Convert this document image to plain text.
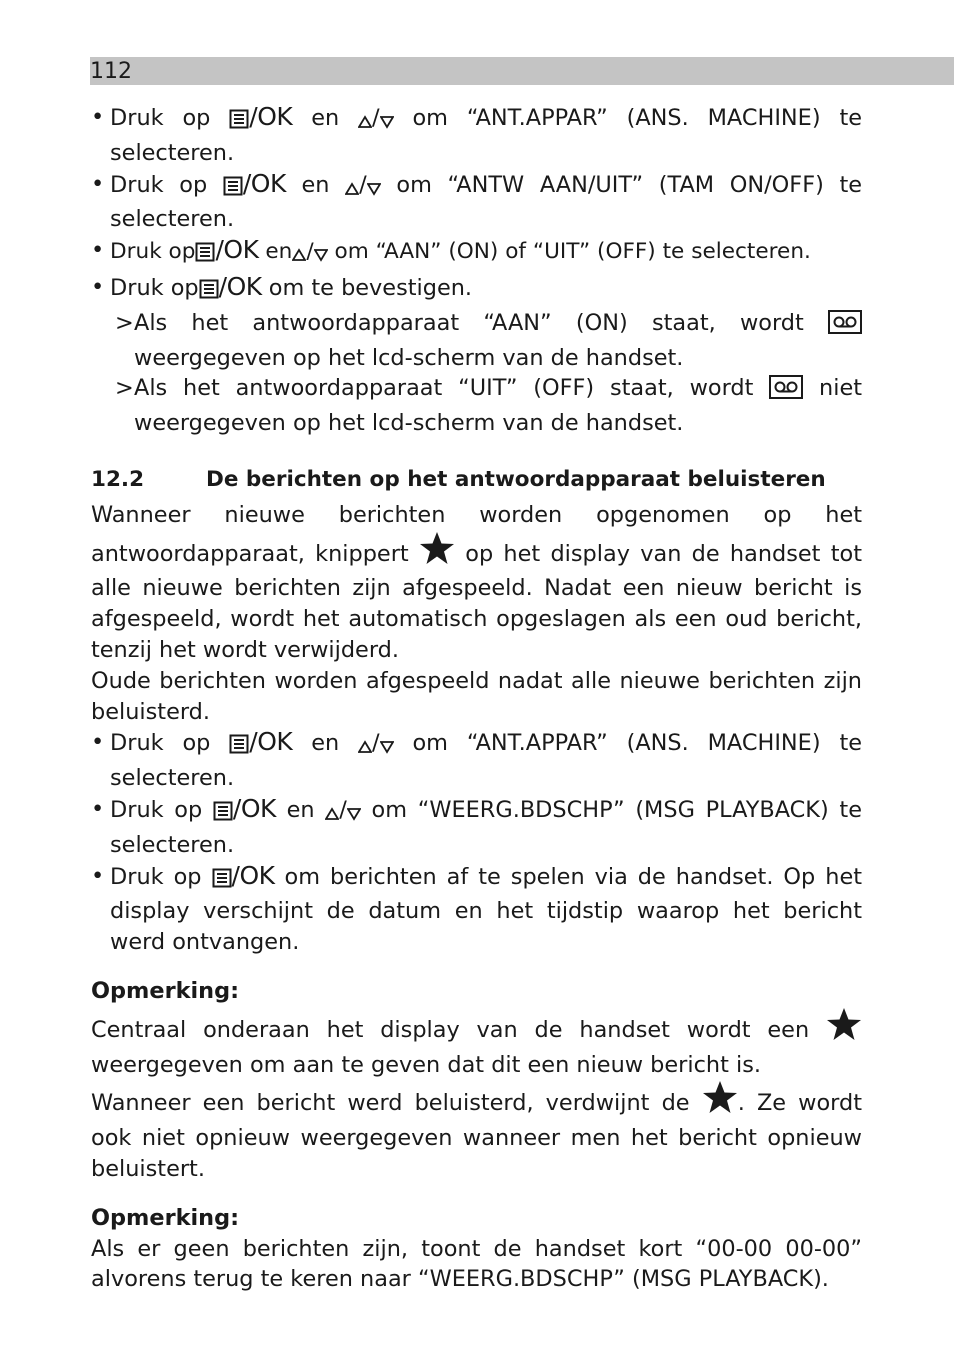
112
• Druk op /OK en / om “ANT.APPAR” (ANS. MACHINE) te selecteren.
• Druk op /OK en / om “ANTW AAN/UIT” (TAM ON/OFF) te selecteren.
• Druk op /OK en / om “AAN” (ON) of “UIT” (OFF) te selecteren.
• Druk op /OK om te bevestigen.
> Als het antwoordapparaat “AAN” (ON) staat, wordt  weergegeven op het lcd-scherm van de handset.
> Als het antwoordapparaat “UIT” (OFF) staat, wordt	niet weergegeven op het lcd-scherm van de handset.
12.2	De berichten op het antwoordapparaat beluisteren
Wanneer nieuwe berichten worden opgenomen op het antwoordapparaat, knippert	op het display van de handset tot alle nieuwe berichten zijn afgespeeld. Nadat een nieuw bericht is afgespeeld, wordt het automatisch opgeslagen als een oud bericht, tenzij het wordt verwijderd.
Oude berichten worden afgespeeld nadat alle nieuwe berichten zijn beluisterd.
• Druk op /OK en / om “ANT.APPAR” (ANS. MACHINE) te selecteren.
• Druk op /OK en / om “WEERG.BDSCHP” (MSG PLAYBACK) te selecteren.
• Druk op /OK om berichten af te spelen via de handset. Op het display verschijnt de datum en het tijdstip waarop het bericht werd ontvangen.
Opmerking:
Centraal onderaan het display van de handset wordt een  weergegeven om aan te geven dat dit een nieuw bericht is.
Wanneer een bericht werd beluisterd, verdwijnt de . Ze wordt ook niet opnieuw weergegeven wanneer men het bericht opnieuw beluistert.
Opmerking:
Als er geen berichten zijn, toont de handset kort “00-00 00-00” alvorens terug te keren naar “WEERG.BDSCHP” (MSG PLAYBACK).
